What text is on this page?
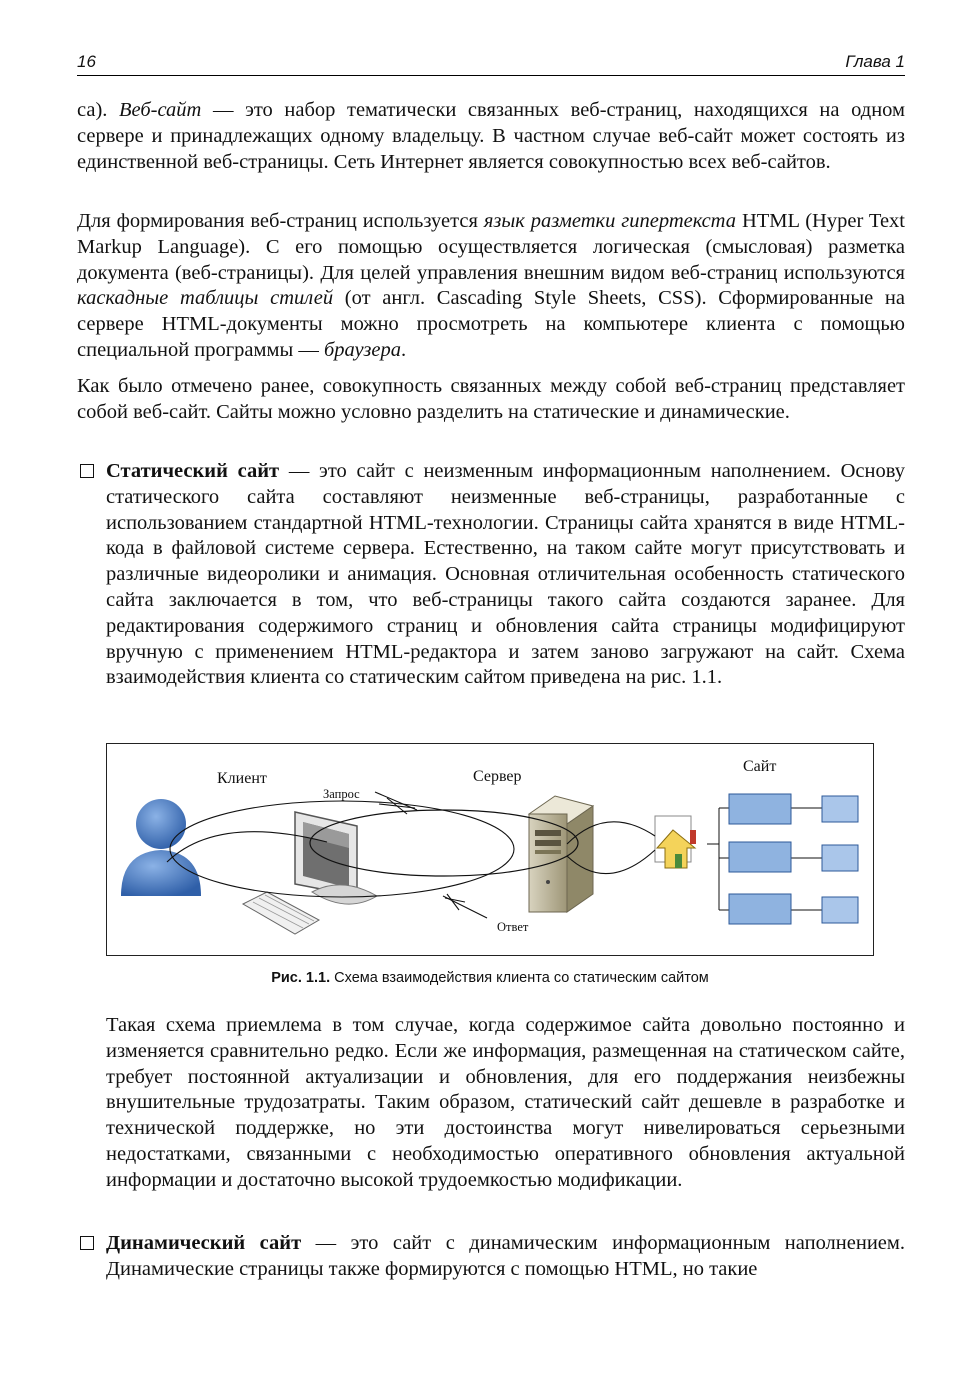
16	Глава 1

са). Веб-сайт — это набор тематически связанных веб-страниц, находящихся на одном сервере и принадлежащих одному владельцу. В частном случае веб-сайт может состоять из единственной веб-страницы. Сеть Интернет является совокупностью всех веб-сайтов.

Для формирования веб-страниц используется язык разметки гипертекста HTML (Hyper Text Markup Language). С его помощью осуществляется логическая (смысловая) разметка документа (веб-страницы). Для целей управления внешним видом веб-страниц используются каскадные таблицы стилей (от англ. Cascading Style Sheets, CSS). Сформированные на сервере HTML-документы можно просмотреть на компьютере клиента с помощью специальной программы — браузера.

Как было отмечено ранее, совокупность связанных между собой веб-страниц представляет собой веб-сайт. Сайты можно условно разделить на статические и динамические.

Статический сайт — это сайт с неизменным информационным наполнением. Основу статического сайта составляют неизменные веб-страницы, разработанные с использованием стандартной HTML-технологии. Страницы сайта хранятся в виде HTML-кода в файловой системе сервера. Естественно, на таком сайте могут присутствовать и различные видеоролики и анимация. Основная отличительная особенность статического сайта заключается в том, что веб-страницы такого сайта создаются заранее. Для редактирования содержимого страниц и обновления сайта страницы модифицируют вручную с применением HTML-редактора и затем заново загружают на сайт. Схема взаимодействия клиента со статическим сайтом приведена на рис. 1.1.
Клиент
Запрос
Сервер
Сайт
Ответ
Рис. 1.1. Схема взаимодействия клиента со статическим сайтом

Такая схема приемлема в том случае, когда содержимое сайта довольно постоянно и изменяется сравнительно редко. Если же информация, размещенная на статическом сайте, требует постоянной актуализации и обновления, для его поддержания неизбежны внушительные трудозатраты. Таким образом, статический сайт дешевле в разработке и технической поддержке, но эти достоинства могут нивелироваться серьезными недостатками, связанными с необходимостью оперативного обновления актуальной информации и достаточно высокой трудоемкостью модификации.

Динамический сайт — это сайт с динамическим информационным наполнением. Динамические страницы также формируются с помощью HTML, но такие
